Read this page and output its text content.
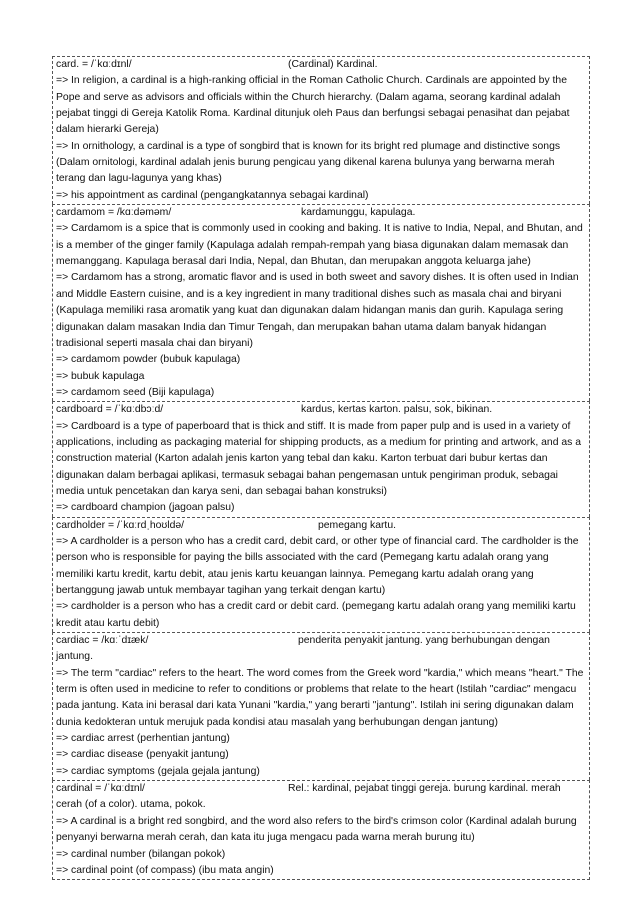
card. = /ˈkɑːdɪnl/	(Cardinal) Kardinal.
=> In religion, a cardinal is a high-ranking official in the Roman Catholic Church. Cardinals are appointed by the Pope and serve as advisors and officials within the Church hierarchy. (Dalam agama, seorang kardinal adalah pejabat tinggi di Gereja Katolik Roma. Kardinal ditunjuk oleh Paus dan berfungsi sebagai penasihat dan pejabat dalam hierarki Gereja)
=> In ornithology, a cardinal is a type of songbird that is known for its bright red plumage and distinctive songs (Dalam ornitologi, kardinal adalah jenis burung pengicau yang dikenal karena bulunya yang berwarna merah terang dan lagu-lagunya yang khas)
=> his appointment as cardinal (pengangkatannya sebagai kardinal)
cardamom = /kɑːdəməm/	kardamunggu, kapulaga.
=> Cardamom is a spice that is commonly used in cooking and baking. It is native to India, Nepal, and Bhutan, and is a member of the ginger family (Kapulaga adalah rempah-rempah yang biasa digunakan dalam memasak dan memanggang. Kapulaga berasal dari India, Nepal, dan Bhutan, dan merupakan anggota keluarga jahe)
=> Cardamom has a strong, aromatic flavor and is used in both sweet and savory dishes. It is often used in Indian and Middle Eastern cuisine, and is a key ingredient in many traditional dishes such as masala chai and biryani (Kapulaga memiliki rasa aromatik yang kuat dan digunakan dalam hidangan manis dan gurih. Kapulaga sering digunakan dalam masakan India dan Timur Tengah, dan merupakan bahan utama dalam banyak hidangan tradisional seperti masala chai dan biryani)
=> cardamom powder (bubuk kapulaga)
=> bubuk kapulaga
=> cardamom seed (Biji kapulaga)
cardboard = /ˈkɑːdbɔːd/	kardus, kertas karton. palsu, sok, bikinan.
=> Cardboard is a type of paperboard that is thick and stiff. It is made from paper pulp and is used in a variety of applications, including as packaging material for shipping products, as a medium for printing and artwork, and as a construction material (Karton adalah jenis karton yang tebal dan kaku. Karton terbuat dari bubur kertas dan digunakan dalam berbagai aplikasi, termasuk sebagai bahan pengemasan untuk pengiriman produk, sebagai media untuk pencetakan dan karya seni, dan sebagai bahan konstruksi)
=> cardboard champion (jagoan palsu)
cardholder = /ˈkɑːrdˌhoʊldə/	pemegang kartu.
=> A cardholder is a person who has a credit card, debit card, or other type of financial card. The cardholder is the person who is responsible for paying the bills associated with the card (Pemegang kartu adalah orang yang memiliki kartu kredit, kartu debit, atau jenis kartu keuangan lainnya. Pemegang kartu adalah orang yang bertanggung jawab untuk membayar tagihan yang terkait dengan kartu)
=> cardholder is a person who has a credit card or debit card. (pemegang kartu adalah orang yang memiliki kartu kredit atau kartu debit)
cardiac = /kɑːˈdɪæk/	penderita penyakit jantung. yang berhubungan dengan jantung.
=> The term "cardiac" refers to the heart. The word comes from the Greek word "kardia," which means "heart." The term is often used in medicine to refer to conditions or problems that relate to the heart (Istilah "cardiac" mengacu pada jantung. Kata ini berasal dari kata Yunani "kardia," yang berarti "jantung". Istilah ini sering digunakan dalam dunia kedokteran untuk merujuk pada kondisi atau masalah yang berhubungan dengan jantung)
=> cardiac arrest (perhentian jantung)
=> cardiac disease (penyakit jantung)
=> cardiac symptoms (gejala gejala jantung)
cardinal = /ˈkɑːdɪnl/	Rel.: kardinal, pejabat tinggi gereja. burung kardinal. merah cerah (of a color). utama, pokok.
=> A cardinal is a bright red songbird, and the word also refers to the bird's crimson color (Kardinal adalah burung penyanyi berwarna merah cerah, dan kata itu juga mengacu pada warna merah burung itu)
=> cardinal number (bilangan pokok)
=> cardinal point (of compass) (ibu mata angin)
